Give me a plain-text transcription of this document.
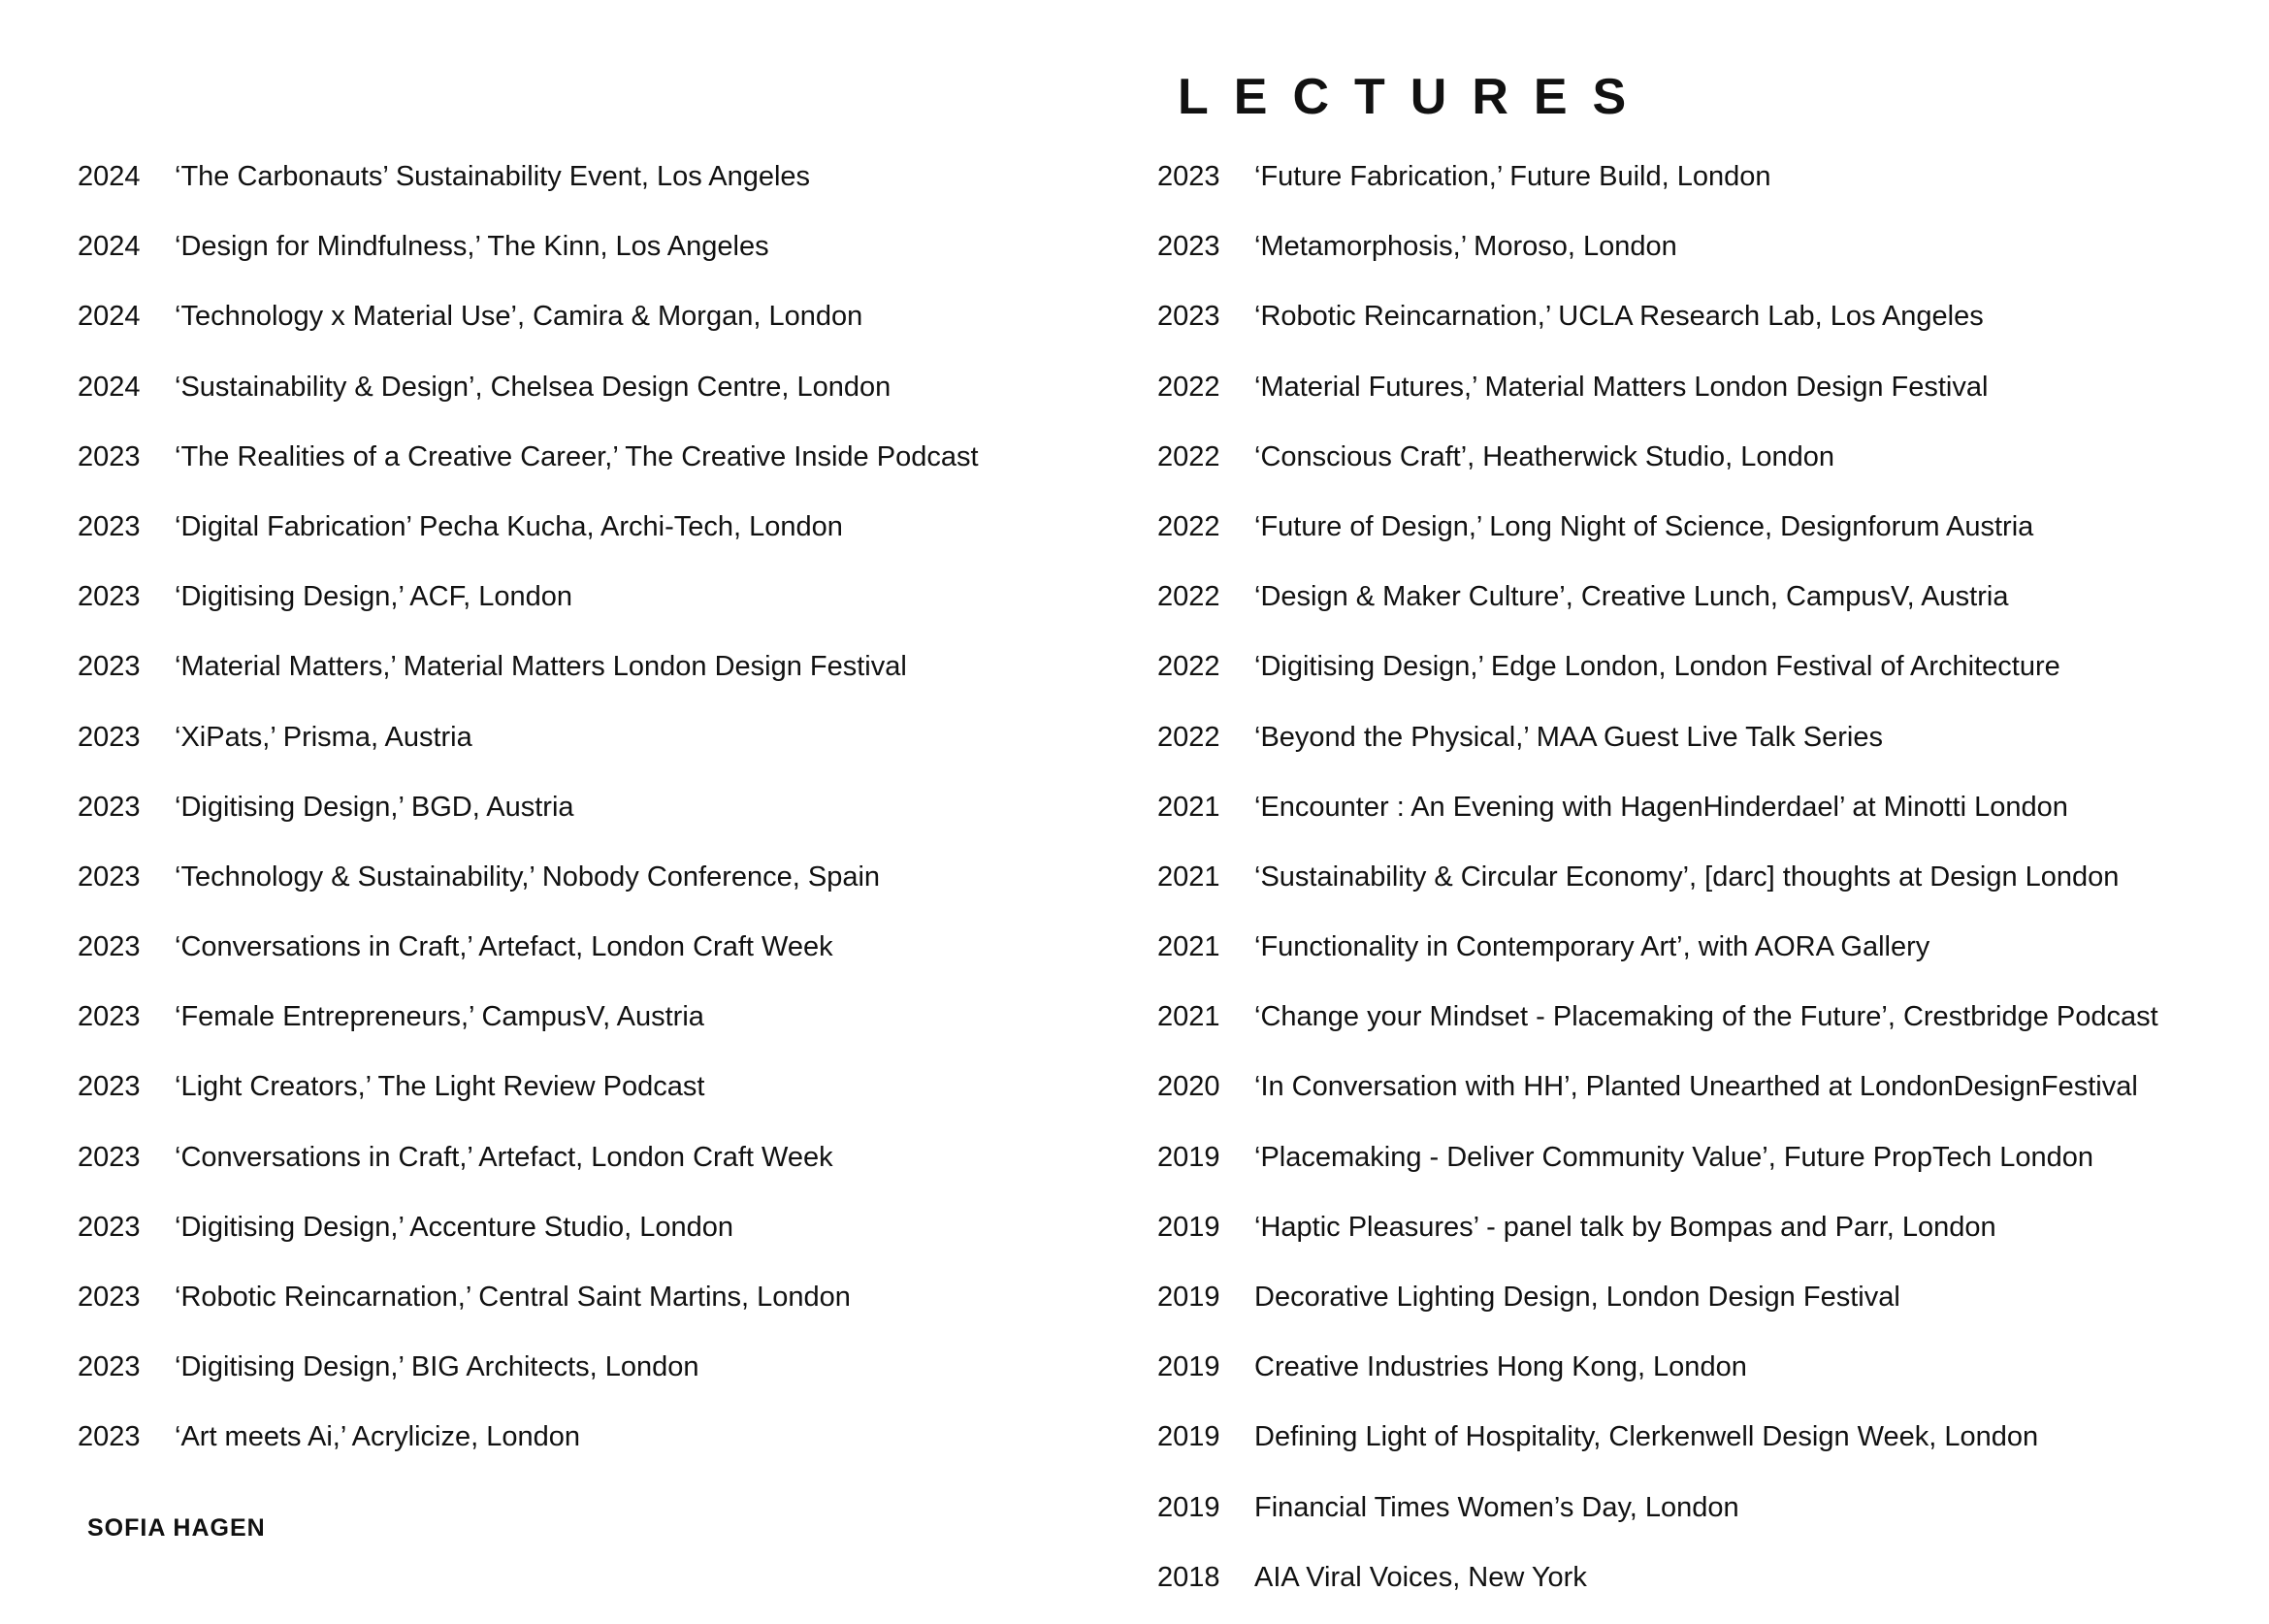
LECTURES
2024 ‘The Carbonauts’ Sustainability Event, Los Angeles
2024 ‘Design for Mindfulness,’ The Kinn, Los Angeles
2024 ‘Technology x Material Use’, Camira & Morgan, London
2024 ‘Sustainability & Design’, Chelsea Design Centre, London
2023 ‘The Realities of a Creative Career,’ The Creative Inside Podcast
2023 ‘Digital Fabrication’ Pecha Kucha, Archi-Tech, London
2023 ‘Digitising Design,’ ACF, London
2023 ‘Material Matters,’ Material Matters London Design Festival
2023 ‘XiPats,’ Prisma, Austria
2023 ‘Digitising Design,’ BGD, Austria
2023 ‘Technology & Sustainability,’ Nobody Conference, Spain
2023 ‘Conversations in Craft,’ Artefact, London Craft Week
2023 ‘Female Entrepreneurs,’ CampusV, Austria
2023 ‘Light Creators,’ The Light Review Podcast
2023 ‘Conversations in Craft,’ Artefact, London Craft Week
2023 ‘Digitising Design,’ Accenture Studio, London
2023 ‘Robotic Reincarnation,’ Central Saint Martins, London
2023 ‘Digitising Design,’ BIG Architects, London
2023 ‘Art meets Ai,’ Acrylicize, London
2023 ‘Future Fabrication,’ Future Build, London
2023 ‘Metamorphosis,’ Moroso, London
2023 ‘Robotic Reincarnation,’ UCLA Research Lab, Los Angeles
2022 ‘Material Futures,’ Material Matters London Design Festival
2022 ‘Conscious Craft’, Heatherwick Studio, London
2022 ‘Future of Design,’ Long Night of Science, Designforum Austria
2022 ‘Design & Maker Culture’, Creative Lunch, CampusV, Austria
2022 ‘Digitising Design,’ Edge London, London Festival of Architecture
2022 ‘Beyond the Physical,’ MAA Guest Live Talk Series
2021 ‘Encounter : An Evening with HagenHinderdael’ at Minotti London
2021 ‘Sustainability & Circular Economy’, [darc] thoughts at Design London
2021 ‘Functionality in Contemporary Art’, with AORA Gallery
2021 ‘Change your Mindset - Placemaking of the Future’, Crestbridge Podcast
2020 ‘In Conversation with HH’, Planted Unearthed at LondonDesignFestival
2019 ‘Placemaking - Deliver Community Value’, Future PropTech London
2019 ‘Haptic Pleasures’ - panel talk by Bompas and Parr, London
2019 Decorative Lighting Design, London Design Festival
2019 Creative Industries Hong Kong, London
2019 Defining Light of Hospitality, Clerkenwell Design Week, London
2019 Financial Times Women’s Day, London
2018 AIA Viral Voices, New York
SOFIA HAGEN
